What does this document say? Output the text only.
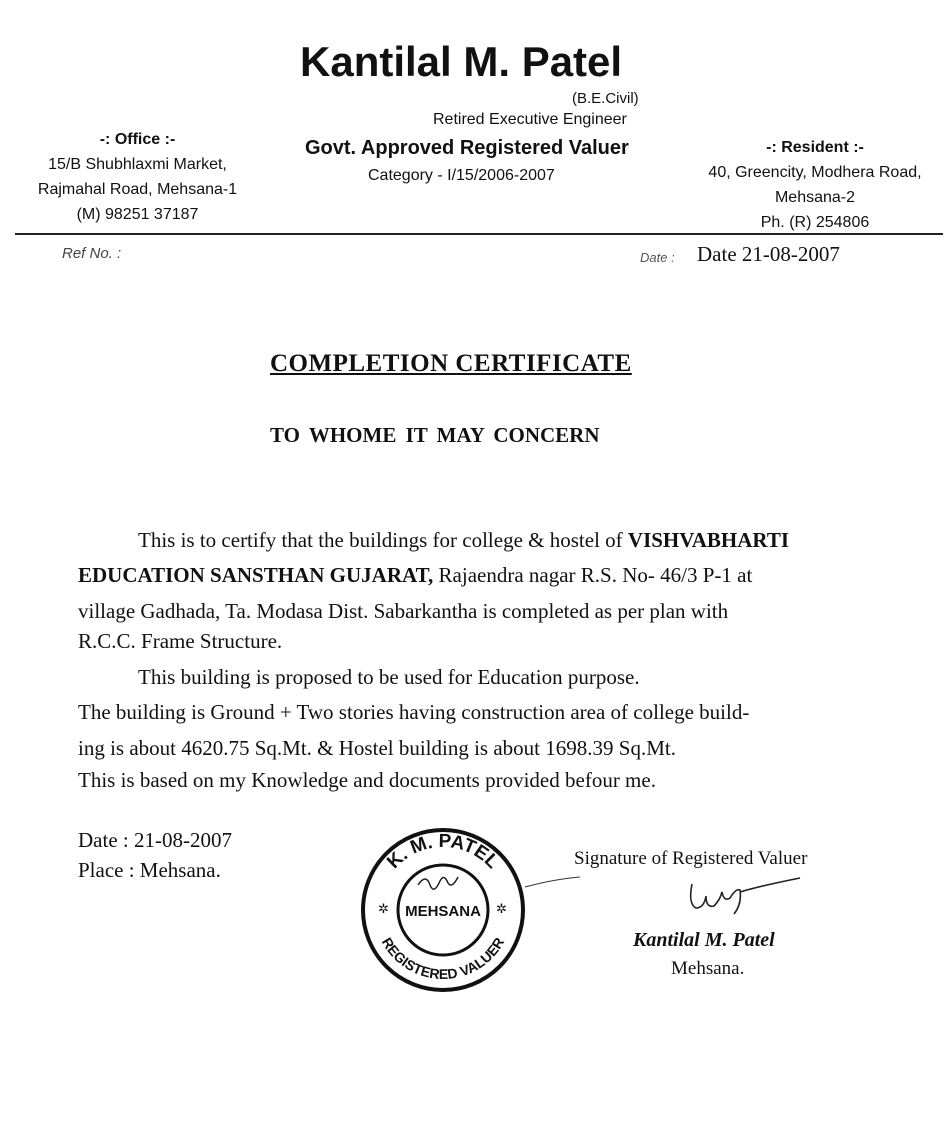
Kantilal M. Patel
(B.E.Civil)
Retired Executive Engineer
Govt. Approved Registered Valuer
Category - I/15/2006-2007
-: Office :-
15/B Shubhlaxmi Market,
Rajmahal Road, Mehsana-1
(M) 98251 37187
-: Resident :-
40, Greencity, Modhera Road,
Mehsana-2
Ph. (R) 254806
Ref No. :	Date : Date 21-08-2007
COMPLETION CERTIFICATE
TO WHOME IT MAY CONCERN
This is to certify that the buildings for college & hostel of VISHVABHARTI
EDUCATION SANSTHAN GUJARAT, Rajaendra nagar R.S. No- 46/3 P-1 at
village Gadhada, Ta. Modasa Dist. Sabarkantha is completed as per plan with
R.C.C. Frame Structure.
This building is proposed to be used for Education purpose.
The building is Ground + Two stories having construction area of college build-
ing is about 4620.75 Sq.Mt. & Hostel building is about 1698.39 Sq.Mt.
This is based on my Knowledge and documents provided befour me.
Date : 21-08-2007
Place : Mehsana.	K. M. PATEL
REGISTERED VALUER
MEHSANA
✲	✲
Signature of Registered Valuer
Kantilal M. Patel
Mehsana.
